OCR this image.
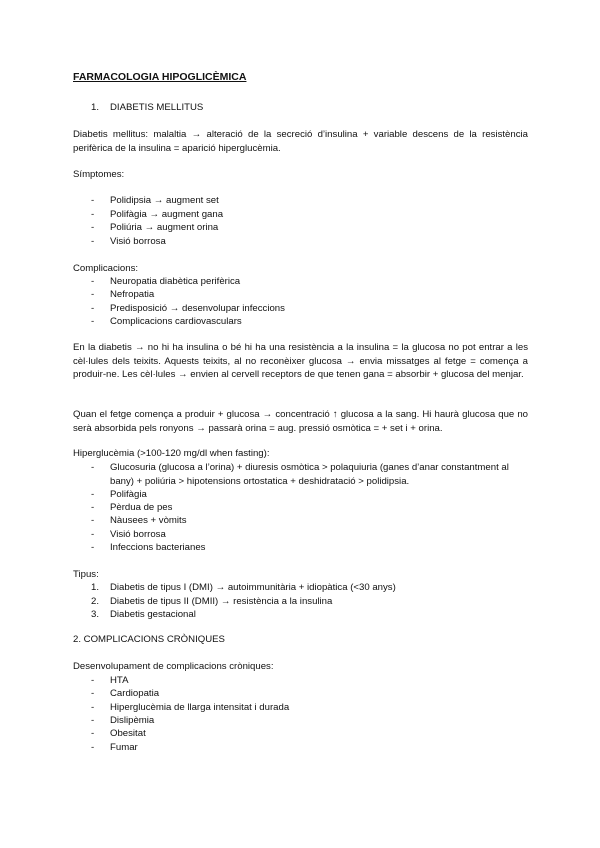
FARMACOLOGIA HIPOGLICÈMICA
1. DIABETIS MELLITUS
Diabetis mellitus: malaltia → alteració de la secreció d’insulina + variable descens de la resistència perifèrica de la insulina = aparició hiperglucèmia.
Símptomes:
- Polidipsia → augment set
- Polifàgia → augment gana
- Poliúria → augment orina
- Visió borrosa
Complicacions:
- Neuropatia diabètica perifèrica
- Nefropatia
- Predisposició → desenvolupar infeccions
- Complicacions cardiovasculars
En la diabetis → no hi ha insulina o bé hi ha una resistència a la insulina = la glucosa no pot entrar a les cèl·lules dels teixits. Aquests teixits, al no reconèixer glucosa → envia missatges al fetge = comença a produir-ne. Les cèl·lules → envien al cervell receptors de que tenen gana = absorbir + glucosa del menjar.
Quan el fetge comença a produir + glucosa → concentració ↑ glucosa a la sang. Hi haurà glucosa que no serà absorbida pels ronyons → passarà orina = aug. pressió osmòtica = + set i + orina.
Hiperglucèmia (>100-120 mg/dl when fasting):
- Glucosuria (glucosa a l’orina) + diuresis osmòtica > polaquiuria (ganes d’anar constantment al bany) + poliúria > hipotensions ortostatica + deshidratació > polidipsia.
- Polifàgia
- Pèrdua de pes
- Nàusees + vòmits
- Visió borrosa
- Infeccions bacterianes
Tipus:
1. Diabetis de tipus I (DMI) → autoimmunitària + idiopàtica (<30 anys)
2. Diabetis de tipus II (DMII) → resistència a la insulina
3. Diabetis gestacional
2. COMPLICACIONS CRÒNIQUES
Desenvolupament de complicacions cròniques:
- HTA
- Cardiopatia
- Hiperglucèmia de llarga intensitat i durada
- Dislipèmia
- Obesitat
- Fumar
